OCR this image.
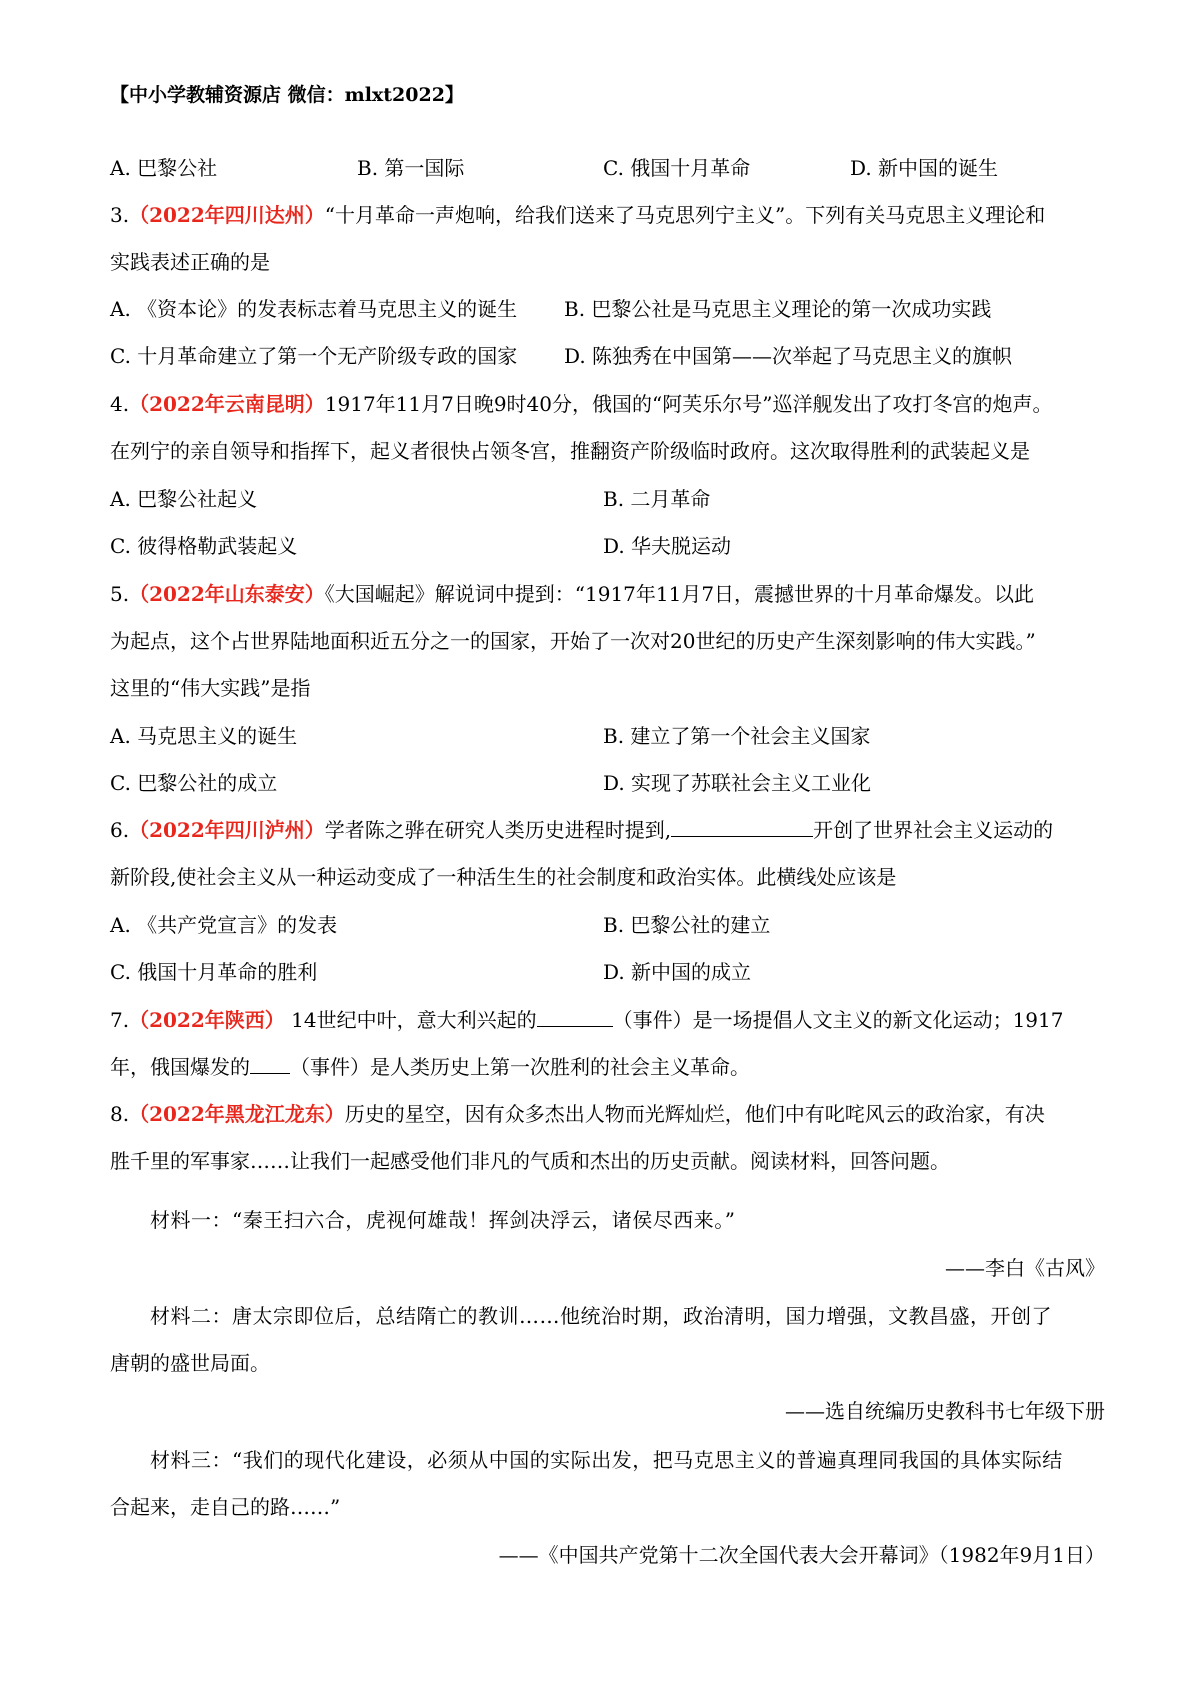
【中小学教辅资源店 微信：mlxt2022】
A. 巴黎公社	B. 第一国际	C. 俄国十月革命	D. 新中国的诞生
3.（2022年四川达州）“十月革命一声炮响，给我们送来了马克思列宁主义”。下列有关马克思主义理论和
实践表述正确的是
A. 《资本论》的发表标志着马克思主义的诞生 B. 巴黎公社是马克思主义理论的第一次成功实践
C. 十月革命建立了第一个无产阶级专政的国家 D. 陈独秀在中国第——次举起了马克思主义的旗帜
4.（2022年云南昆明）1917年11月7日晚9时40分，俄国的“阿芙乐尔号”巡洋舰发出了攻打冬宫的炮声。
在列宁的亲自领导和指挥下，起义者很快占领冬宫，推翻资产阶级临时政府。这次取得胜利的武装起义是
A. 巴黎公社起义	B. 二月革命
C. 彼得格勒武装起义	D. 华夫脱运动
5.（2022年山东泰安）《大国崛起》解说词中提到：“1917年11月7日，震撼世界的十月革命爆发。以此
为起点，这个占世界陆地面积近五分之一的国家，开始了一次对20世纪的历史产生深刻影响的伟大实践。”
这里的“伟大实践”是指
A. 马克思主义的诞生	B. 建立了第一个社会主义国家
C. 巴黎公社的成立	D. 实现了苏联社会主义工业化
6.（2022年四川泸州）学者陈之骅在研究人类历史进程时提到,	开创了世界社会主义运动的
新阶段,使社会主义从一种运动变成了一种活生生的社会制度和政治实体。此横线处应该是
A. 《共产党宣言》的发表	B. 巴黎公社的建立
C. 俄国十月革命的胜利	D. 新中国的成立
7.（2022年陕西） 14世纪中叶，意大利兴起的	（事件）是一场提倡人文主义的新文化运动；1917
年，俄国爆发的 （事件）是人类历史上第一次胜利的社会主义革命。
8.（2022年黑龙江龙东）历史的星空，因有众多杰出人物而光辉灿烂，他们中有叱咤风云的政治家，有决
胜千里的军事家……让我们一起感受他们非凡的气质和杰出的历史贡献。阅读材料，回答问题。
材料一：“秦王扫六合，虎视何雄哉！挥剑决浮云，诸侯尽西来。”
——李白《古风》
材料二：唐太宗即位后，总结隋亡的教训……他统治时期，政治清明，国力增强，文教昌盛，开创了
唐朝的盛世局面。
——选自统编历史教科书七年级下册
材料三：“我们的现代化建设，必须从中国的实际出发，把马克思主义的普遍真理同我国的具体实际结
合起来，走自己的路……”
——《中国共产党第十二次全国代表大会开幕词》（1982年9月1日）
